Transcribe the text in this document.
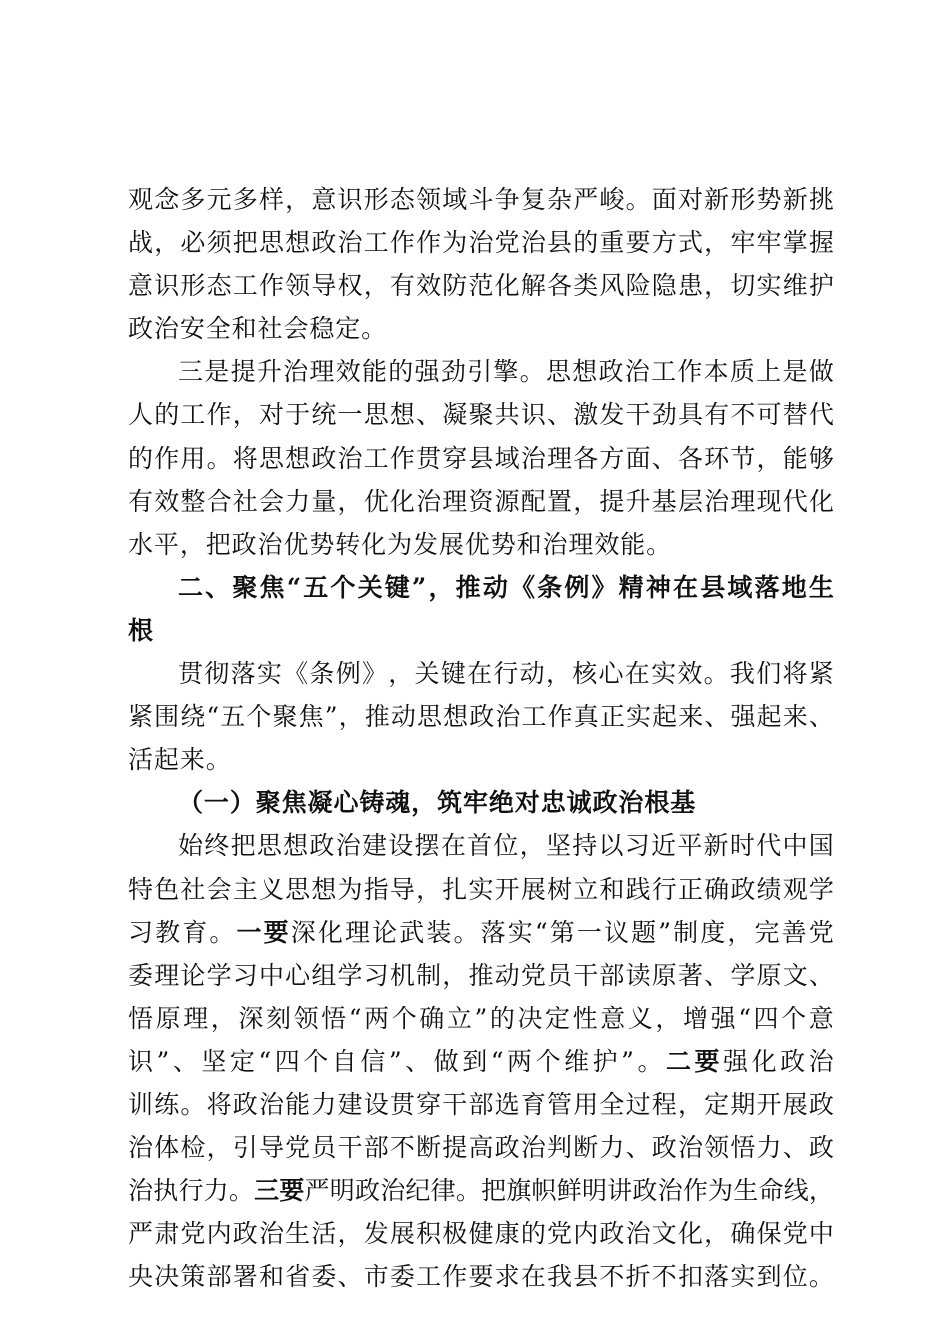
观 念 多 元 多 样 ， 意 识 形 态 领 域 斗 争 复 杂 严 峻 。 面 对 新 形 势 新 挑
战 ， 必 须 把 思 想 政 治 工 作 作 为 治 党 治 县 的 重 要 方 式 ， 牢 牢 掌 握
意 识 形 态 工 作 领 导 权 ， 有 效 防 范 化 解 各 类 风 险 隐 患 ， 切 实 维 护
政治安全和社会稳定。
三 是 提 升 治 理 效 能 的 强 劲 引 擎 。 思 想 政 治 工 作 本 质 上 是 做
人 的 工 作 ， 对 于 统 一 思 想 、 凝 聚 共 识 、 激 发 干 劲 具 有 不 可 替 代
的 作 用 。 将 思 想 政 治 工 作 贯 穿 县 域 治 理 各 方 面 、 各 环 节 ， 能 够
有 效 整 合 社 会 力 量 ， 优 化 治 理 资 源 配 置 ， 提 升 基 层 治 理 现 代 化
水平，把政治优势转化为发展优势和治理效能。
二 、 聚 焦 “ 五 个 关 键 ” ， 推 动 《 条 例 》 精 神 在 县 域 落 地 生
根
贯 彻 落 实 《 条 例 》 ， 关 键 在 行 动 ， 核 心 在 实 效 。 我 们 将 紧
紧 围 绕 “ 五 个 聚 焦 ” ， 推 动 思 想 政 治 工 作 真 正 实 起 来 、 强 起 来 、
活起来。
（一）聚焦凝心铸魂，筑牢绝对忠诚政治根基
始 终 把 思 想 政 治 建 设 摆 在 首 位 ， 坚 持 以 习 近 平 新 时 代 中 国
特 色 社 会 主 义 思 想 为 指 导 ， 扎 实 开 展 树 立 和 践 行 正 确 政 绩 观 学
习 教 育 。 一 要 深 化 理 论 武 装 。 落 实 “ 第 一 议 题 ” 制 度 ， 完 善 党
委 理 论 学 习 中 心 组 学 习 机 制 ， 推 动 党 员 干 部 读 原 著 、 学 原 文 、
悟 原 理 ， 深 刻 领 悟 “ 两 个 确 立 ” 的 决 定 性 意 义 ， 增 强 “ 四 个 意
识 ” 、 坚 定 “ 四 个 自 信 ” 、 做 到 “ 两 个 维 护 ” 。 二 要 强 化 政 治
训 练 。 将 政 治 能 力 建 设 贯 穿 干 部 选 育 管 用 全 过 程 ， 定 期 开 展 政
治 体 检 ， 引 导 党 员 干 部 不 断 提 高 政 治 判 断 力 、 政 治 领 悟 力 、 政
治 执 行 力 。 三 要 严 明 政 治 纪 律 。 把 旗 帜 鲜 明 讲 政 治 作 为 生 命 线 ，
严 肃 党 内 政 治 生 活 ， 发 展 积 极 健 康 的 党 内 政 治 文 化 ， 确 保 党 中
央 决 策 部 署 和 省 委 、 市 委 工 作 要 求 在 我 县 不 折 不 扣 落 实 到 位 。
